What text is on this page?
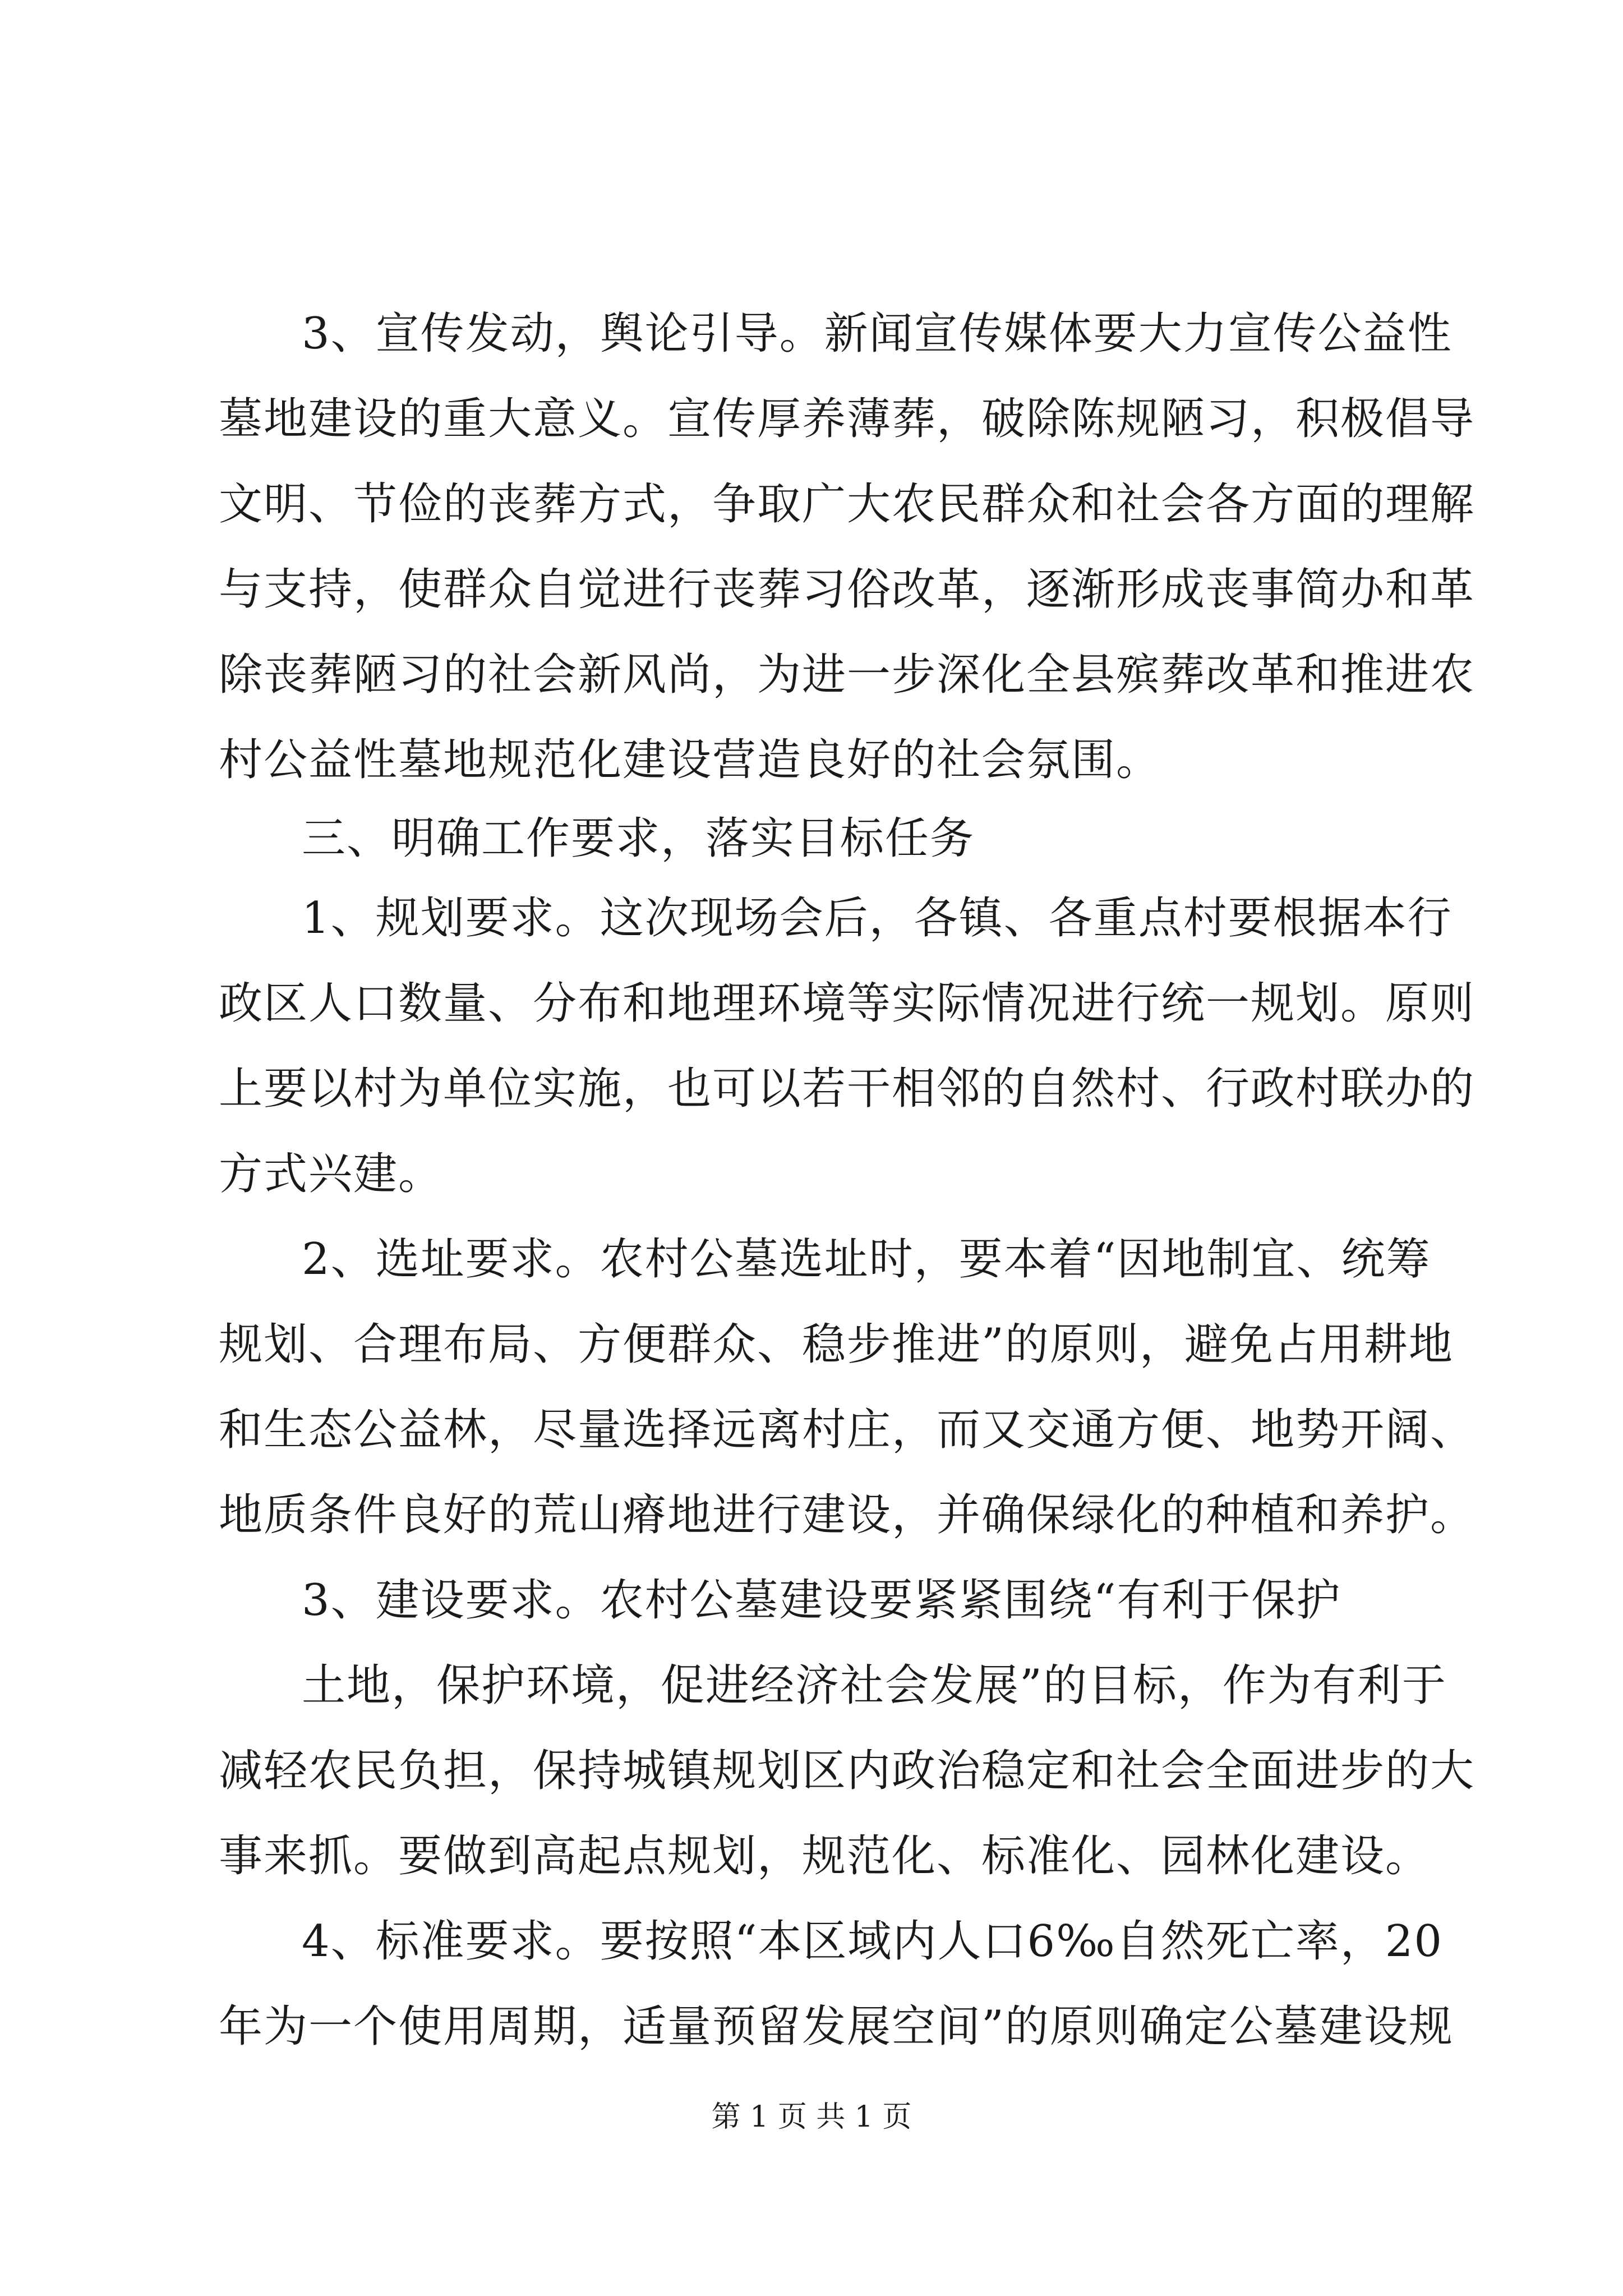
3、宣传发动，舆论引导。新闻宣传媒体要大力宣传公益性
墓地建设的重大意义。宣传厚养薄葬，破除陈规陋习，积极倡导
文明、节俭的丧葬方式，争取广大农民群众和社会各方面的理解
与支持，使群众自觉进行丧葬习俗改革，逐渐形成丧事简办和革
除丧葬陋习的社会新风尚，为进一步深化全县殡葬改革和推进农
村公益性墓地规范化建设营造良好的社会氛围。
三、明确工作要求，落实目标任务
1、规划要求。这次现场会后，各镇、各重点村要根据本行
政区人口数量、分布和地理环境等实际情况进行统一规划。原则
上要以村为单位实施，也可以若干相邻的自然村、行政村联办的
方式兴建。
2、选址要求。农村公墓选址时，要本着“因地制宜、统筹
规划、合理布局、方便群众、稳步推进”的原则，避免占用耕地
和生态公益林，尽量选择远离村庄，而又交通方便、地势开阔、
地质条件良好的荒山瘠地进行建设，并确保绿化的种植和养护。
3、建设要求。农村公墓建设要紧紧围绕“有利于保护
土地，保护环境，促进经济社会发展”的目标，作为有利于
减轻农民负担，保持城镇规划区内政治稳定和社会全面进步的大
事来抓。要做到高起点规划，规范化、标准化、园林化建设。
4、标准要求。要按照“本区域内人口6‰自然死亡率，20
年为一个使用周期，适量预留发展空间”的原则确定公墓建设规
第 1 页 共 1 页
